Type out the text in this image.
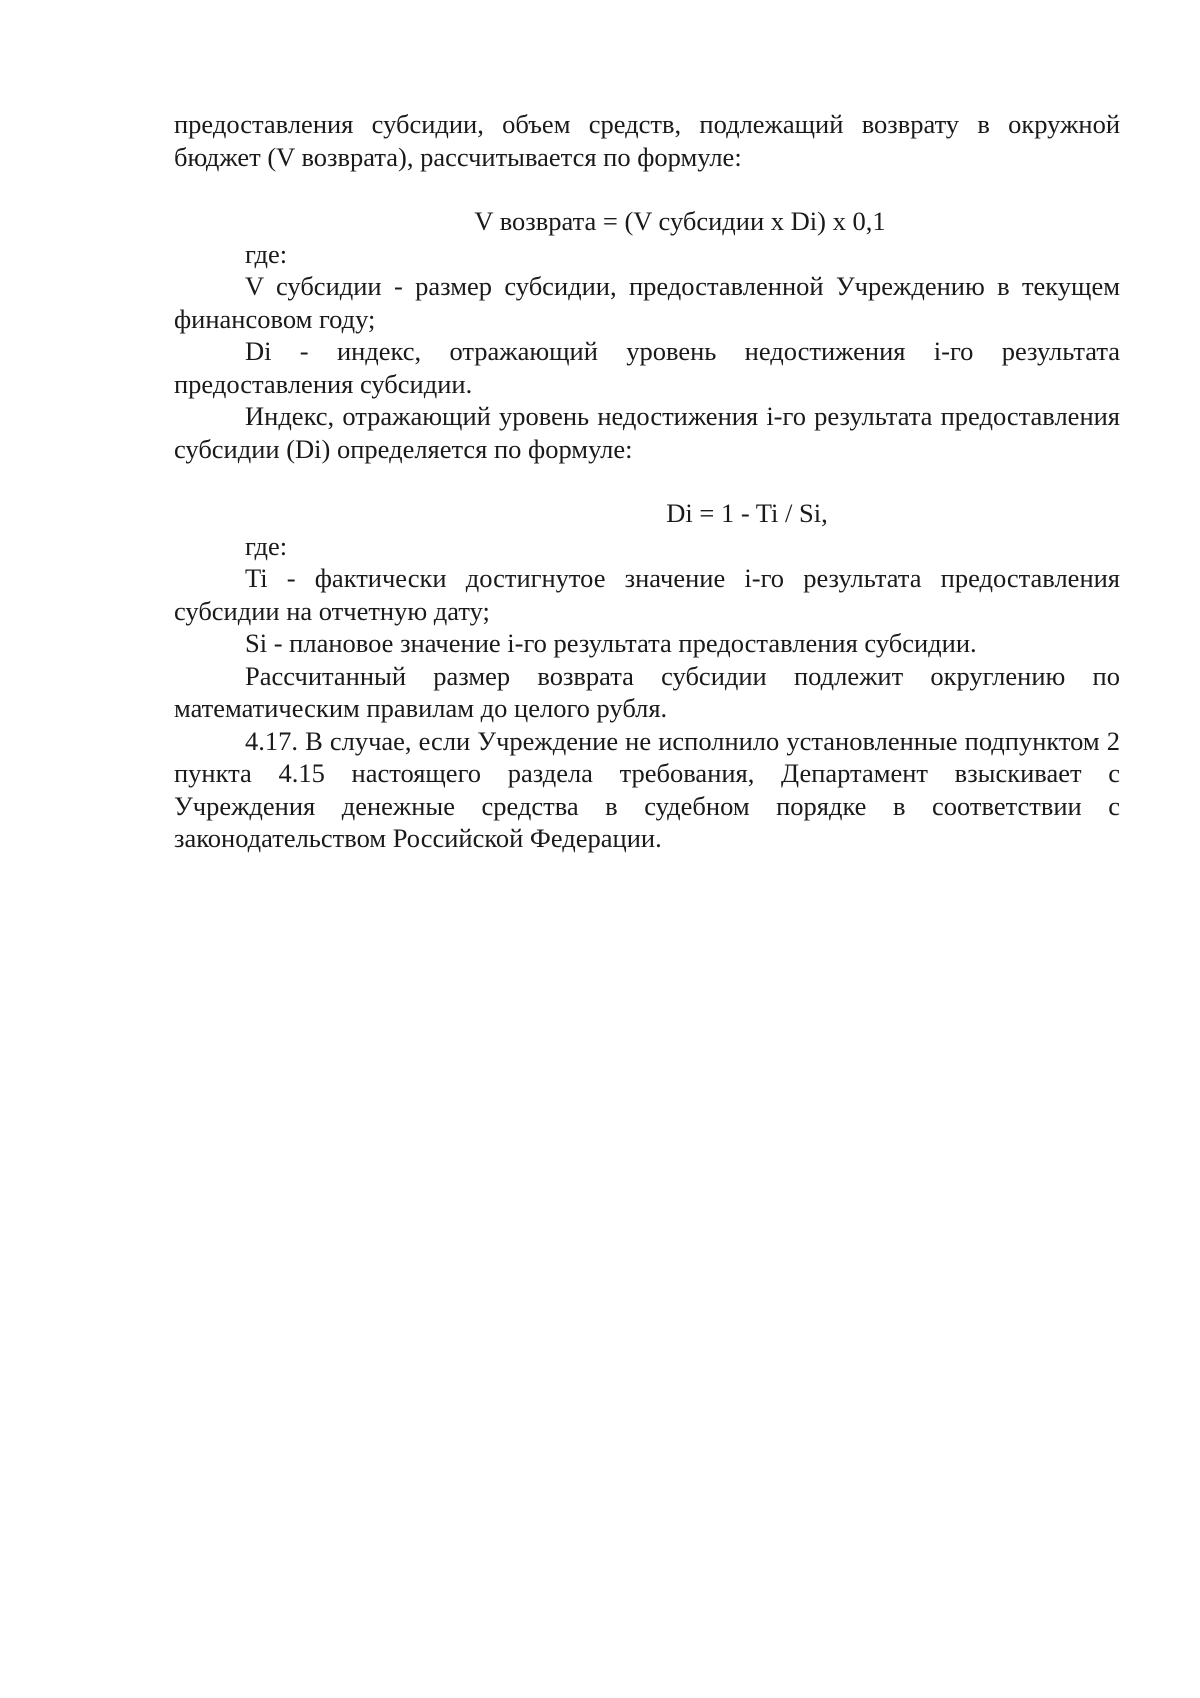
предоставления субсидии, объем средств, подлежащий возврату в окружной бюджет (V возврата), рассчитывается по формуле:

V возврата = (V субсидии x Di) x 0,1

где:

V субсидии - размер субсидии, предоставленной Учреждению в текущем финансовом году;

Di - индекс, отражающий уровень недостижения i-го результата предоставления субсидии.

Индекс, отражающий уровень недостижения i-го результата предоставления субсидии (Di) определяется по формуле:

Di = 1 - Ti / Si,

где:

Ti - фактически достигнутое значение i-го результата предоставления субсидии на отчетную дату;

Si - плановое значение i-го результата предоставления субсидии.

Рассчитанный размер возврата субсидии подлежит округлению по математическим правилам до целого рубля.

4.17. В случае, если Учреждение не исполнило установленные подпунктом 2 пункта 4.15 настоящего раздела требования, Департамент взыскивает с Учреждения денежные средства в судебном порядке в соответствии с законодательством Российской Федерации.
